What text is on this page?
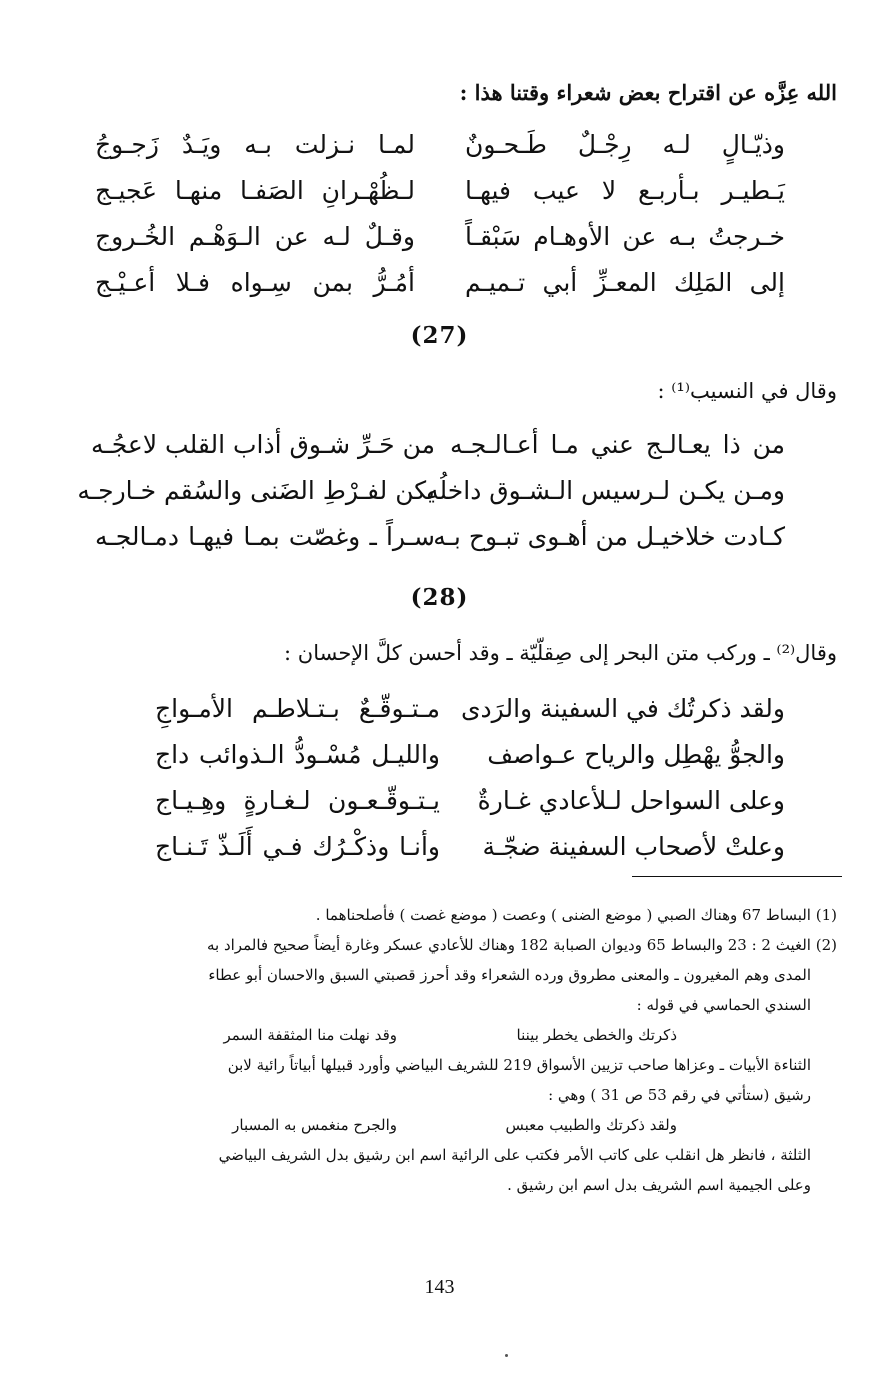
الله عِزَّه عن اقتراح بعض شعراء وقتنا هذا :
وذيّـالٍ لـه رِجْـلٌ طَـحـونٌ
لمـا نـزلت بـه ويَـدٌ زَجـوجُ
يَـطيـر بـأربـع لا عيب فيهـا
لـظُهْـرانِ الصَفـا منهـا عَجيـج
خـرجتُ بـه عن الأوهـام سَبْقـاً
وقـلٌ لـه عن الـوَهْـم الخُـروج
إلى المَلِك المعـزِّ أبي تـميـم
أمُـرُّ بمن سِـواه فـلا أعـيْـج
(27)
وقال في النسيب⁽¹⁾ :
من ذا يعـالـج عني مـا أعـالـجـه
من حَـرِّ شـوق أذاب القلب لاعجُـه
ومـن يكـن لـرسيس الـشـوق داخلُه
يكن لفـرْطِ الضَنى والسُقم خـارجـه
كـادت خلاخيـل من أهـوى تبـوح بـه
سـراً ـ وغصّت بمـا فيهـا دمـالجـه
(28)
وقال⁽²⁾ ـ وركب متن البحر إلى صِقلّيّة ـ وقد أحسن كلَّ الإحسان :
ولقد ذكرتُك في السفينة والرَدى
مـتـوقّـعٌ بـتـلاطـم الأمـواجِ
والجوُّ يهْطِل والرياح عـواصف
والليـل مُسْـودُّ الـذوائب داج
وعلى السواحل لـلأعادي غـارةٌ
يـتـوقّـعـون لـغـارةٍ وهِـيـاج
وعلتْ لأصحاب السفينة ضجّـة
وأنـا وذكْـرُك فـي أَلَـذّ تَـنـاج
(1) البساط 67 وهناك الصبي ( موضع الضنى ) وعصت ( موضع غصت ) فأصلحناهما .
(2) الغيث 2 : 23 والبساط 65 وديوان الصبابة 182 وهناك للأعادي عسكر وغارة أيضاً صحيح فالمراد به
المدى وهم المغيرون ـ والمعنى مطروق ورده الشعراء وقد أحرز قصبتي السبق والاحسان أبو عطاء
السندي الحماسي في قوله :
ذكرتك والخطى يخطر بيننا
وقد نهلت منا المثقفة السمر
الثناءة الأبيات ـ وعزاها صاحب تزيين الأسواق 219 للشريف البياضي وأورد قبيلها أبياتاً رائية لابن
رشيق (ستأتي في رقم 53 ص 31 ) وهي :
ولقد ذكرتك والطبيب معبس
والجرح منغمس به المسبار
الثلثة ، فانظر هل انقلب على كاتب الأمر فكتب على الرائية اسم ابن رشيق بدل الشريف البياضي
وعلى الجيمية اسم الشريف بدل اسم ابن رشيق .
143
